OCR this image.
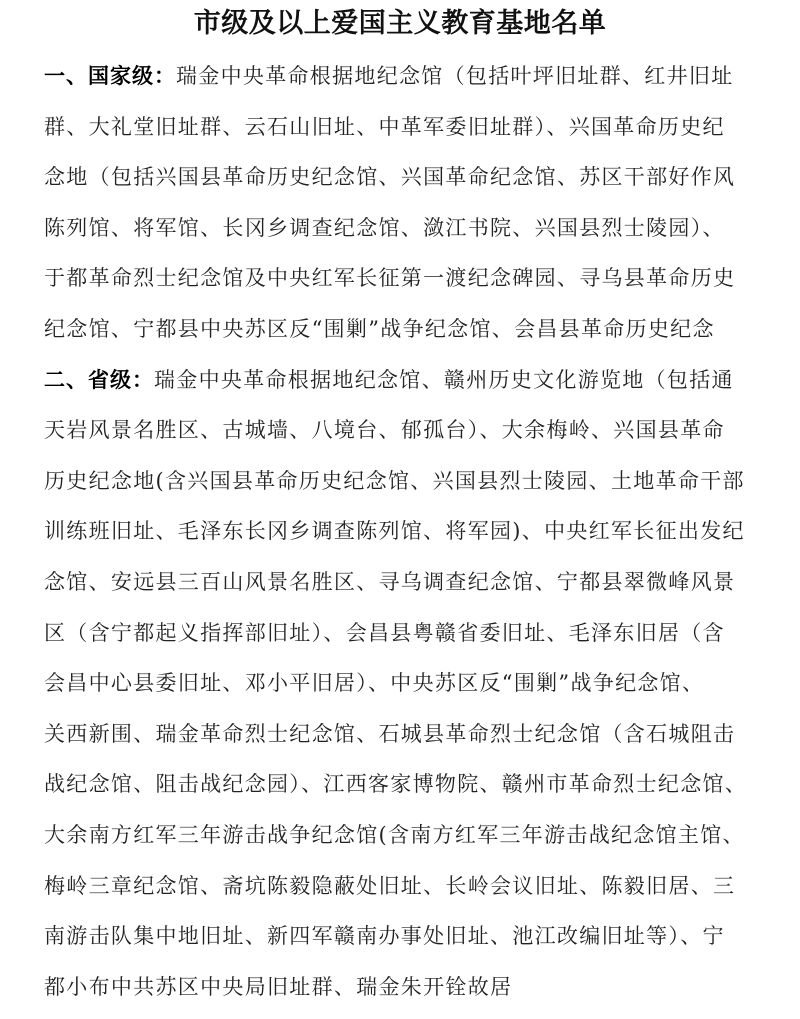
市级及以上爱国主义教育基地名单
一、国家级：瑞金中央革命根据地纪念馆（包括叶坪旧址群、红井旧址
群、大礼堂旧址群、云石山旧址、中革军委旧址群）、兴国革命历史纪
念地（包括兴国县革命历史纪念馆、兴国革命纪念馆、苏区干部好作风
陈列馆、将军馆、长冈乡调查纪念馆、潋江书院、兴国县烈士陵园）、
于都革命烈士纪念馆及中央红军长征第一渡纪念碑园、寻乌县革命历史
纪念馆、宁都县中央苏区反“围剿”战争纪念馆、会昌县革命历史纪念
二、省级：瑞金中央革命根据地纪念馆、赣州历史文化游览地（包括通
天岩风景名胜区、古城墙、八境台、郁孤台）、大余梅岭、兴国县革命
历史纪念地(含兴国县革命历史纪念馆、兴国县烈士陵园、土地革命干部
训练班旧址、毛泽东长冈乡调查陈列馆、将军园)、中央红军长征出发纪
念馆、安远县三百山风景名胜区、寻乌调查纪念馆、宁都县翠微峰风景
区（含宁都起义指挥部旧址）、会昌县粤赣省委旧址、毛泽东旧居（含
会昌中心县委旧址、邓小平旧居）、中央苏区反“围剿”战争纪念馆、
关西新围、瑞金革命烈士纪念馆、石城县革命烈士纪念馆（含石城阻击
战纪念馆、阻击战纪念园）、江西客家博物院、赣州市革命烈士纪念馆、
大余南方红军三年游击战争纪念馆(含南方红军三年游击战纪念馆主馆、
梅岭三章纪念馆、斋坑陈毅隐蔽处旧址、长岭会议旧址、陈毅旧居、三
南游击队集中地旧址、新四军赣南办事处旧址、池江改编旧址等）、宁
都小布中共苏区中央局旧址群、瑞金朱开铨故居
